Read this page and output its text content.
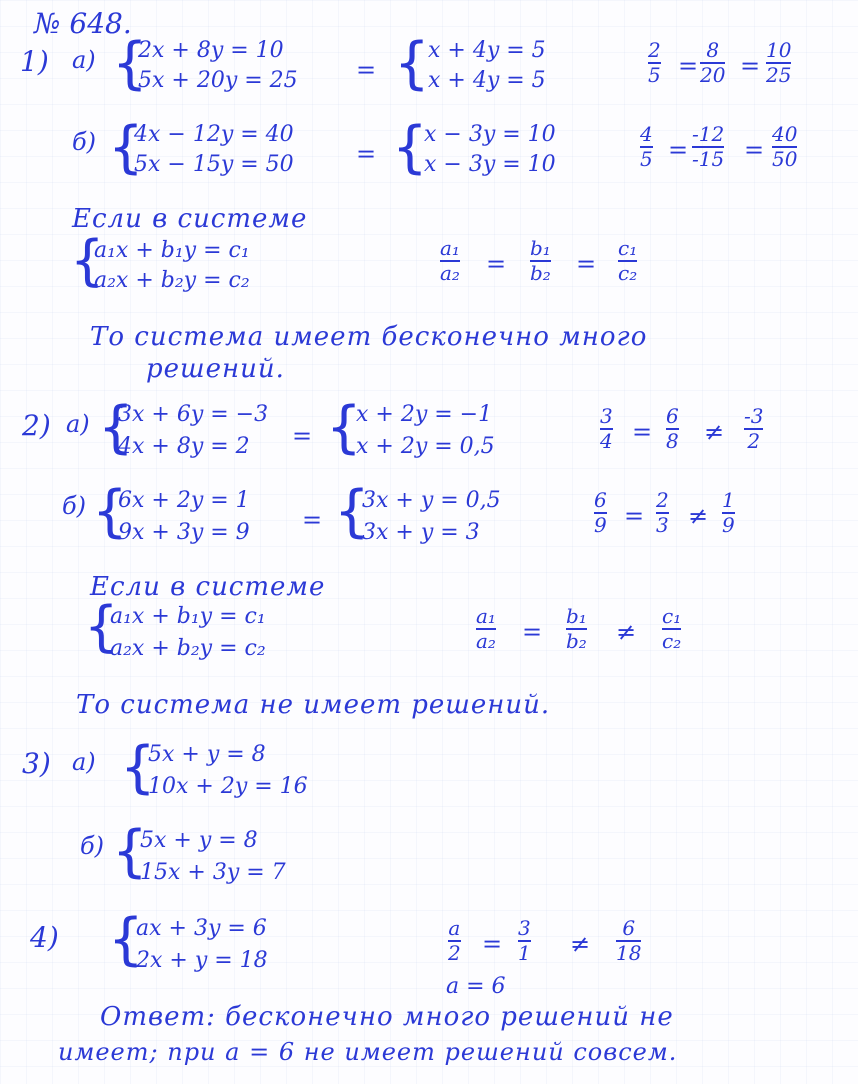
№ 648.
1) а) {
2x + 8y = 10
5x + 20y = 25 = {
x + 4y = 5
x + 4y = 5
2
5 =
8
20 =
10
25
б) {
4x − 12y = 40
5x − 15y = 50	= {
x − 3y = 10
x − 3y = 10
4
5 =
-12
-15 =
40
50
Если в системе
{
a₁x + b₁y = c₁
a₂x + b₂y = c₂
a₁
a₂ =
b₁
b₂ =
c₁
c₂
То система имеет бесконечно много
решений.
2) а) {
3x + 6y = −3
4x + 8y = 2 = {
x + 2y = −1
x + 2y = 0,5
3
4 =
6
8 ≠
-3
2
б) {
6x + 2y = 1
9x + 3y = 9 = {
3x + y = 0,5
3x + y = 3
6
9 =
2
3 ≠
1
9
Если в системе
{
a₁x + b₁y = c₁
a₂x + b₂y = c₂
a₁
a₂ =
b₁
b₂ ≠
c₁
c₂
То система не имеет решений.
3) а) {
5x + y = 8
10x + 2y = 16
б) {
5x + y = 8
15x + 3y = 7
4) {
ax + 3y = 6
2x + y = 18
a
2 =
3
1 ≠
6
18
a = 6
Ответ: бесконечно много решений не
имеет; при a = 6 не имеет решений совсем.
